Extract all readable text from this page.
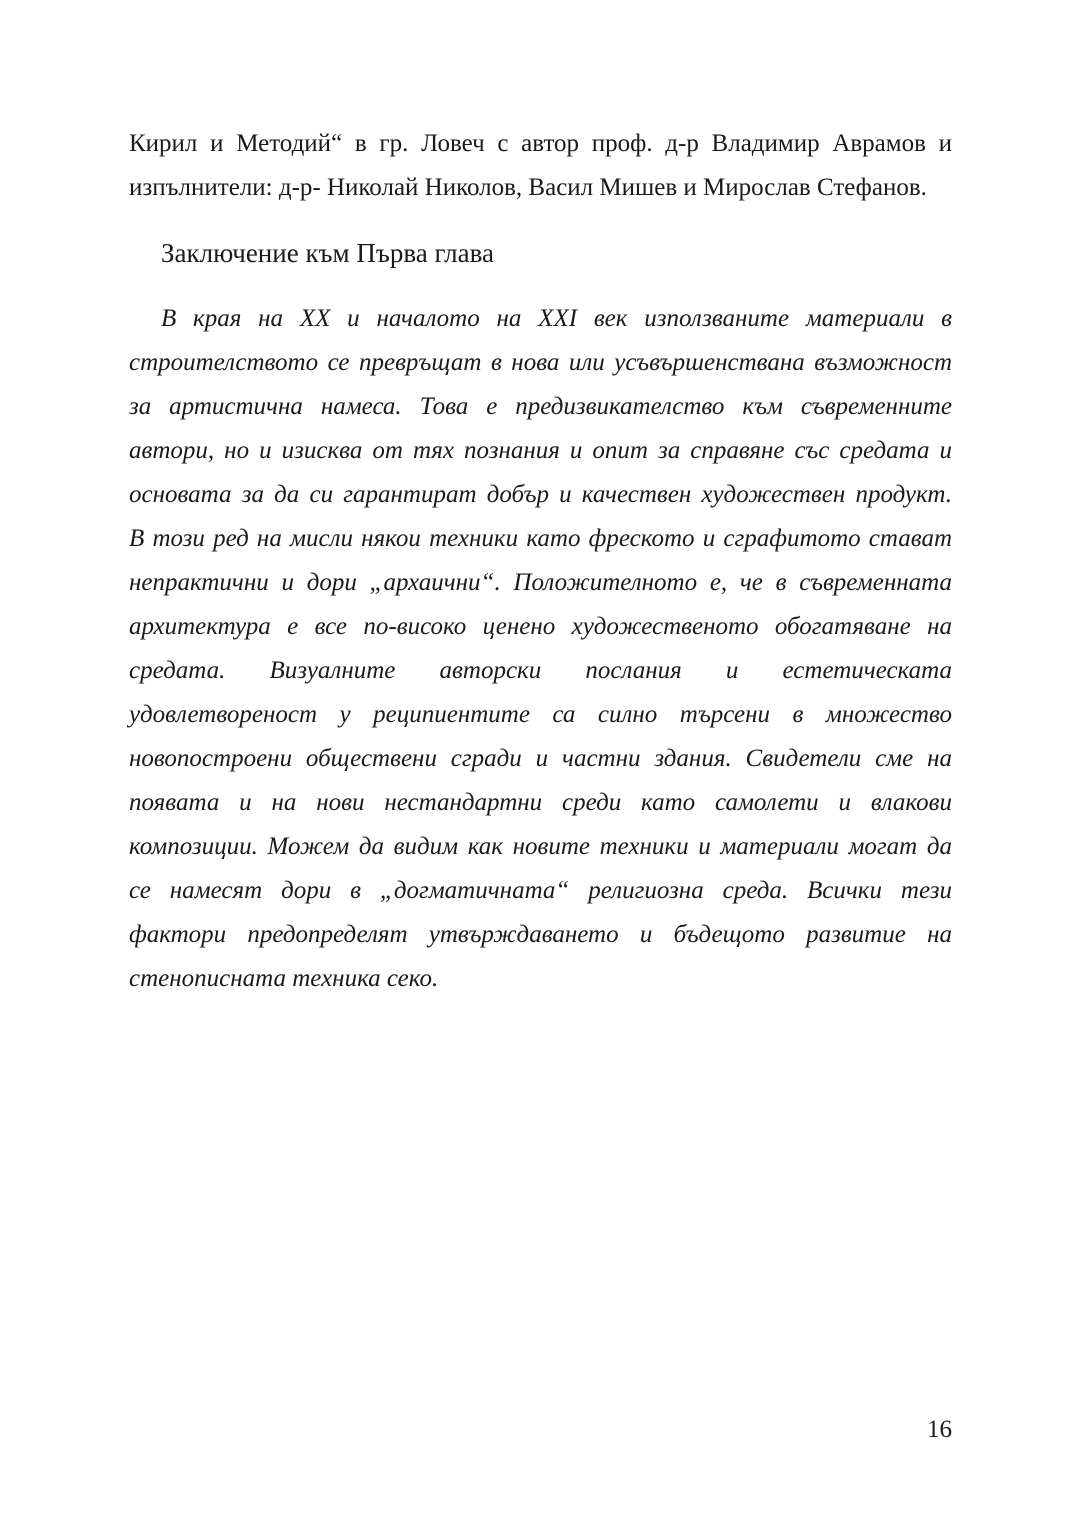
Кирил и Методий“ в гр. Ловеч с автор проф. д-р Владимир Аврамов и
изпълнители: д-р- Николай Николов, Васил Мишев и Мирослав Стефанов.
Заключение към Първа глава
В края на XX и началото на XXI век използваните материали в
строителството се превръщат в нова или усъвършенствана възможност
за артистична намеса. Това е предизвикателство към съвременните
автори, но и изисква от тях познания и опит за справяне със средата и
основата за да си гарантират добър и качествен художествен продукт.
В този ред на мисли някои техники като фреското и сграфитото стават
непрактични и дори „архаични“. Положителното е, че в съвременната
архитектура е все по-високо ценено художественото обогатяване на
средата. Визуалните авторски послания и естетическата
удовлетвореност у реципиентите са силно търсени в множество
новопостроени обществени сгради и частни здания. Свидетели сме на
появата и на нови нестандартни среди като самолети и влакови
композиции. Можем да видим как новите техники и материали могат да
се намесят дори в „догматичната“ религиозна среда. Всички тези
фактори предопределят утвърждаването и бъдещото развитие на
стенописната техника секо.
16
